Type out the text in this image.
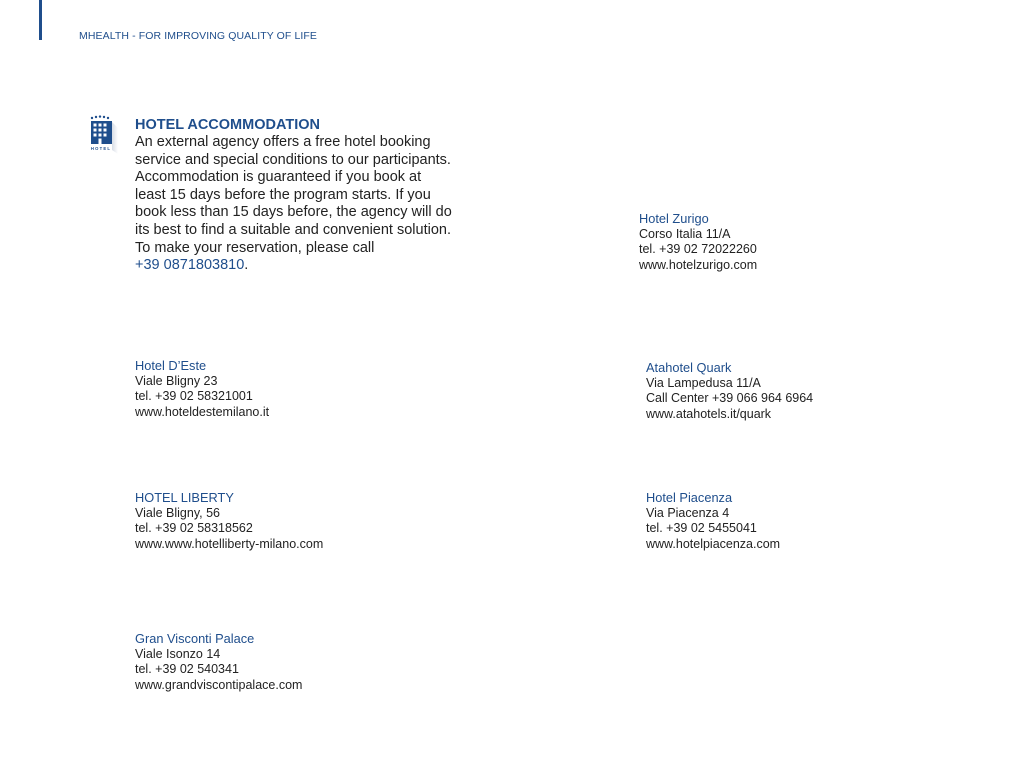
MHEALTH - FOR IMPROVING QUALITY OF LIFE
HOTEL
HOTEL ACCOMMODATION
An external agency offers a free hotel booking
service and special conditions to our participants.
Accommodation is guaranteed if you book at
least 15 days before the program starts. If you
book less than 15 days before, the agency will do
its best to find a suitable and convenient solution.
To make your reservation, please call
+39 0871803810.
Hotel Zurigo
Corso Italia 11/A
tel. +39 02 72022260
www.hotelzurigo.com
Hotel D’Este
Viale Bligny 23
tel. +39 02 58321001
www.hoteldestemilano.it
Atahotel Quark
Via Lampedusa 11/A
Call Center +39 066 964 6964
www.atahotels.it/quark
HOTEL LIBERTY
Viale Bligny, 56
tel. +39 02 58318562
www.www.hotelliberty-milano.com
Hotel Piacenza
Via Piacenza 4
tel. +39 02 5455041
www.hotelpiacenza.com
Gran Visconti Palace
Viale Isonzo 14
tel. +39 02 540341
www.grandviscontipalace.com
